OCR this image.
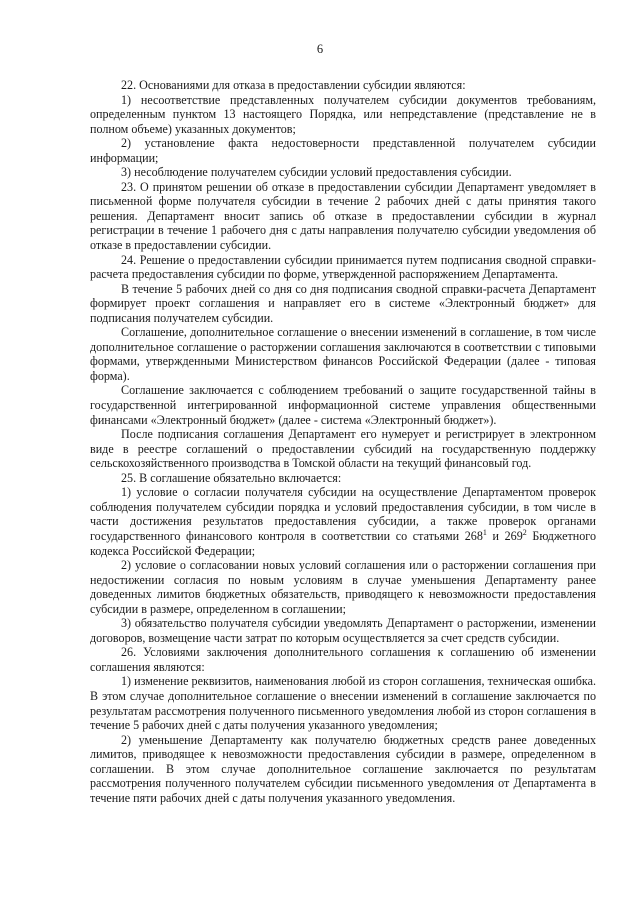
6

22. Основаниями для отказа в предоставлении субсидии являются:

1) несоответствие представленных получателем субсидии документов требованиям, определенным пунктом 13 настоящего Порядка, или непредставление (представление не в полном объеме) указанных документов;

2) установление факта недостоверности представленной получателем субсидии информации;

3) несоблюдение получателем субсидии условий предоставления субсидии.

23. О принятом решении об отказе в предоставлении субсидии Департамент уведомляет в письменной форме получателя субсидии в течение 2 рабочих дней с даты принятия такого решения. Департамент вносит запись об отказе в предоставлении субсидии в журнал регистрации в течение 1 рабочего дня с даты направления получателю субсидии уведомления об отказе в предоставлении субсидии.

24. Решение о предоставлении субсидии принимается путем подписания сводной справки-расчета предоставления субсидии по форме, утвержденной распоряжением Департамента.

В течение 5 рабочих дней со дня со дня подписания сводной справки-расчета Департамент формирует проект соглашения и направляет его в системе «Электронный бюджет» для подписания получателем субсидии.

Соглашение, дополнительное соглашение о внесении изменений в соглашение, в том числе дополнительное соглашение о расторжении соглашения заключаются в соответствии с типовыми формами, утвержденными Министерством финансов Российской Федерации (далее - типовая форма).

Соглашение заключается с соблюдением требований о защите государственной тайны в государственной интегрированной информационной системе управления общественными финансами «Электронный бюджет» (далее - система «Электронный бюджет»).

После подписания соглашения Департамент его нумерует и регистрирует в электронном виде в реестре соглашений о предоставлении субсидий на государственную поддержку сельскохозяйственного производства в Томской области на текущий финансовый год.

25. В соглашение обязательно включается:

1) условие о согласии получателя субсидии на осуществление Департаментом проверок соблюдения получателем субсидии порядка и условий предоставления субсидии, в том числе в части достижения результатов предоставления субсидии, а также проверок органами государственного финансового контроля в соответствии со статьями $268^1$ и $269^2$ Бюджетного кодекса Российской Федерации;

2) условие о согласовании новых условий соглашения или о расторжении соглашения при недостижении согласия по новым условиям в случае уменьшения Департаменту ранее доведенных лимитов бюджетных обязательств, приводящего к невозможности предоставления субсидии в размере, определенном в соглашении;

3) обязательство получателя субсидии уведомлять Департамент о расторжении, изменении договоров, возмещение части затрат по которым осуществляется за счет средств субсидии.

26. Условиями заключения дополнительного соглашения к соглашению об изменении соглашения являются:

1) изменение реквизитов, наименования любой из сторон соглашения, техническая ошибка. В этом случае дополнительное соглашение о внесении изменений в соглашение заключается по результатам рассмотрения полученного письменного уведомления любой из сторон соглашения в течение 5 рабочих дней с даты получения указанного уведомления;

2) уменьшение Департаменту как получателю бюджетных средств ранее доведенных лимитов, приводящее к невозможности предоставления субсидии в размере, определенном в соглашении. В этом случае дополнительное соглашение заключается по результатам рассмотрения полученного получателем субсидии письменного уведомления от Департамента в течение пяти рабочих дней с даты получения указанного уведомления.
